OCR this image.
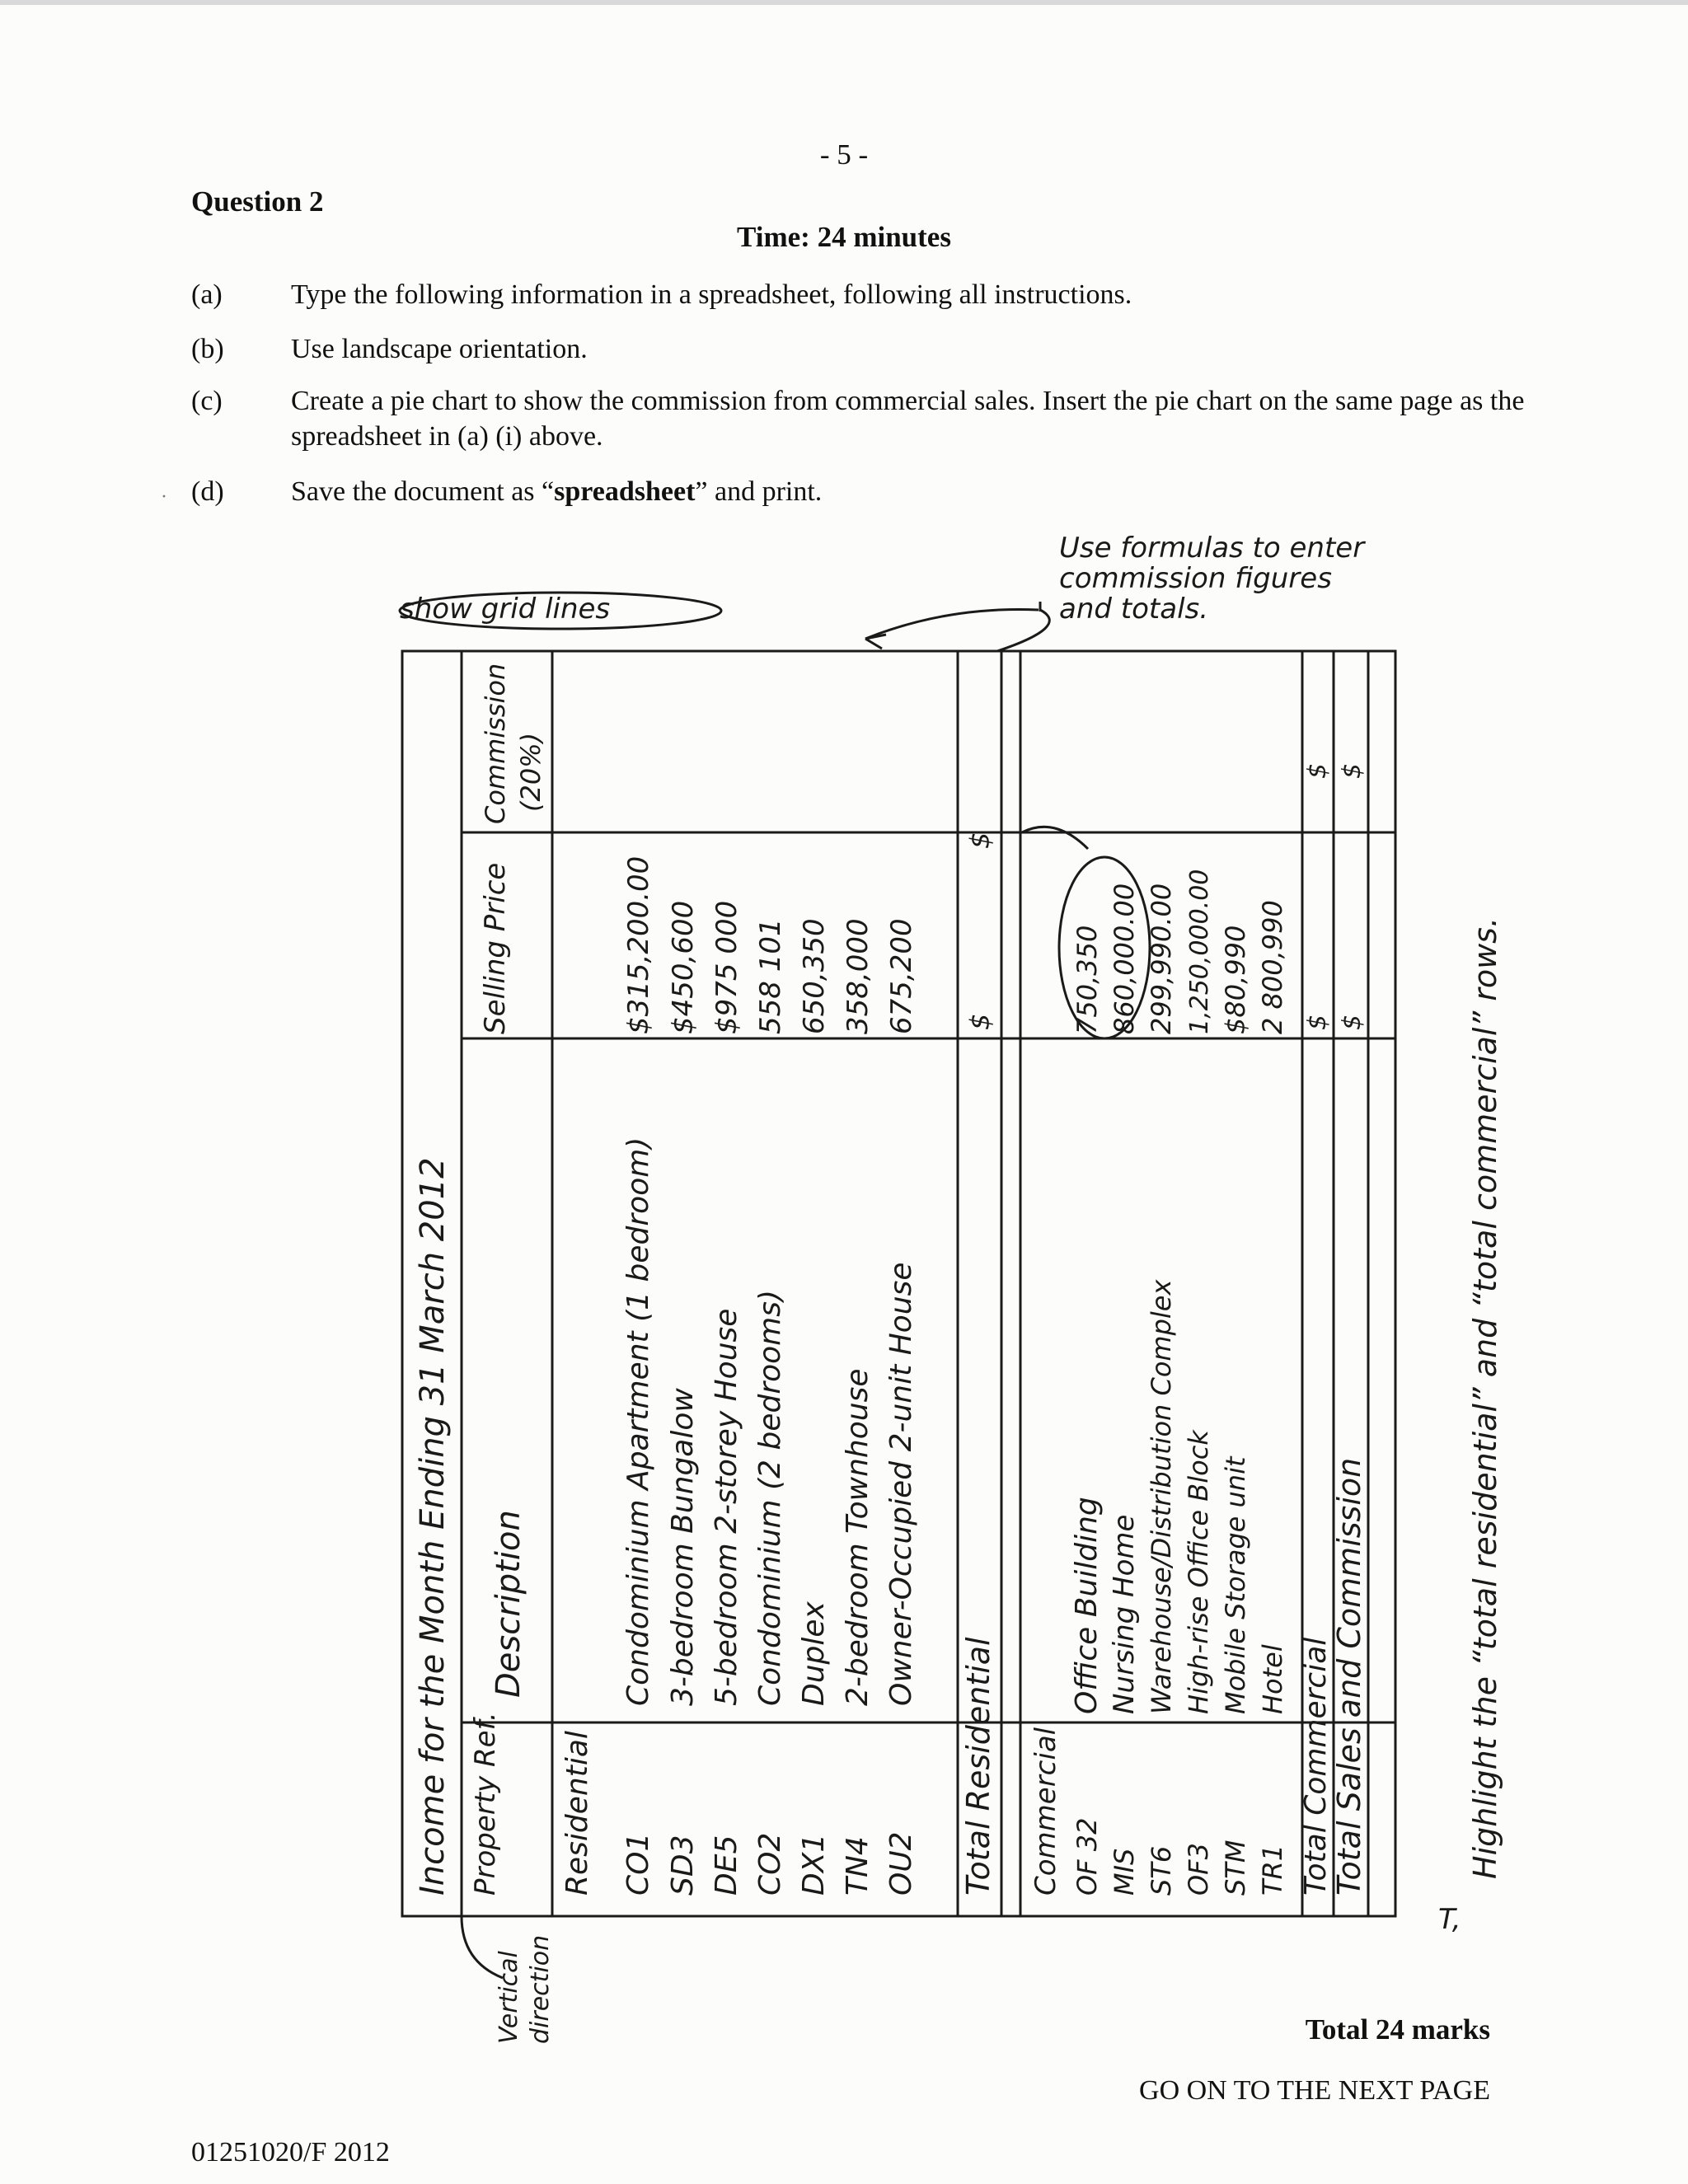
- 5 -
Question 2
Time: 24 minutes
(a) Type the following information in a spreadsheet, following all instructions.
(b) Use landscape orientation.
(c) Create a pie chart to show the commission from commercial sales. Insert the pie chart on the same page as the spreadsheet in (a) (i) above.
· (d) Save the document as “spreadsheet” and print.
show grid lines
Use formulas to enter
commission figures
and totals.
Income for the Month Ending 31 March 2012 Property Ref.
Description
Selling Price
Commission (20%)
Residential CO1
Condominium Apartment (1 bedroom)
$315,200.00
SD3
3-bedroom Bungalow
$450,600
DE5
5-bedroom 2-storey House
$975 000
CO2
Condominium (2 bedrooms)
558 101
DX1
Duplex
650,350
TN4
2-bedroom Townhouse
358,000
OU2
Owner-Occupied 2-unit House
675,200
Total Residential
$
$
Commercial OF 32
Office Building
750,350
MIS
Nursing Home
860,000.00
ST6
Warehouse/Distribution Complex
299,990.00
OF3
High-rise Office Block
1,250,000.00
STM
Mobile Storage unit
$80,990
TR1
Hotel
2 800,990
Total Commercial
$
$
Total Sales and Commission
$
$
Highlight the “total residential” and “total commercial” rows.
Vertical direction
T,
Total 24 marks
GO ON TO THE NEXT PAGE
01251020/F 2012
